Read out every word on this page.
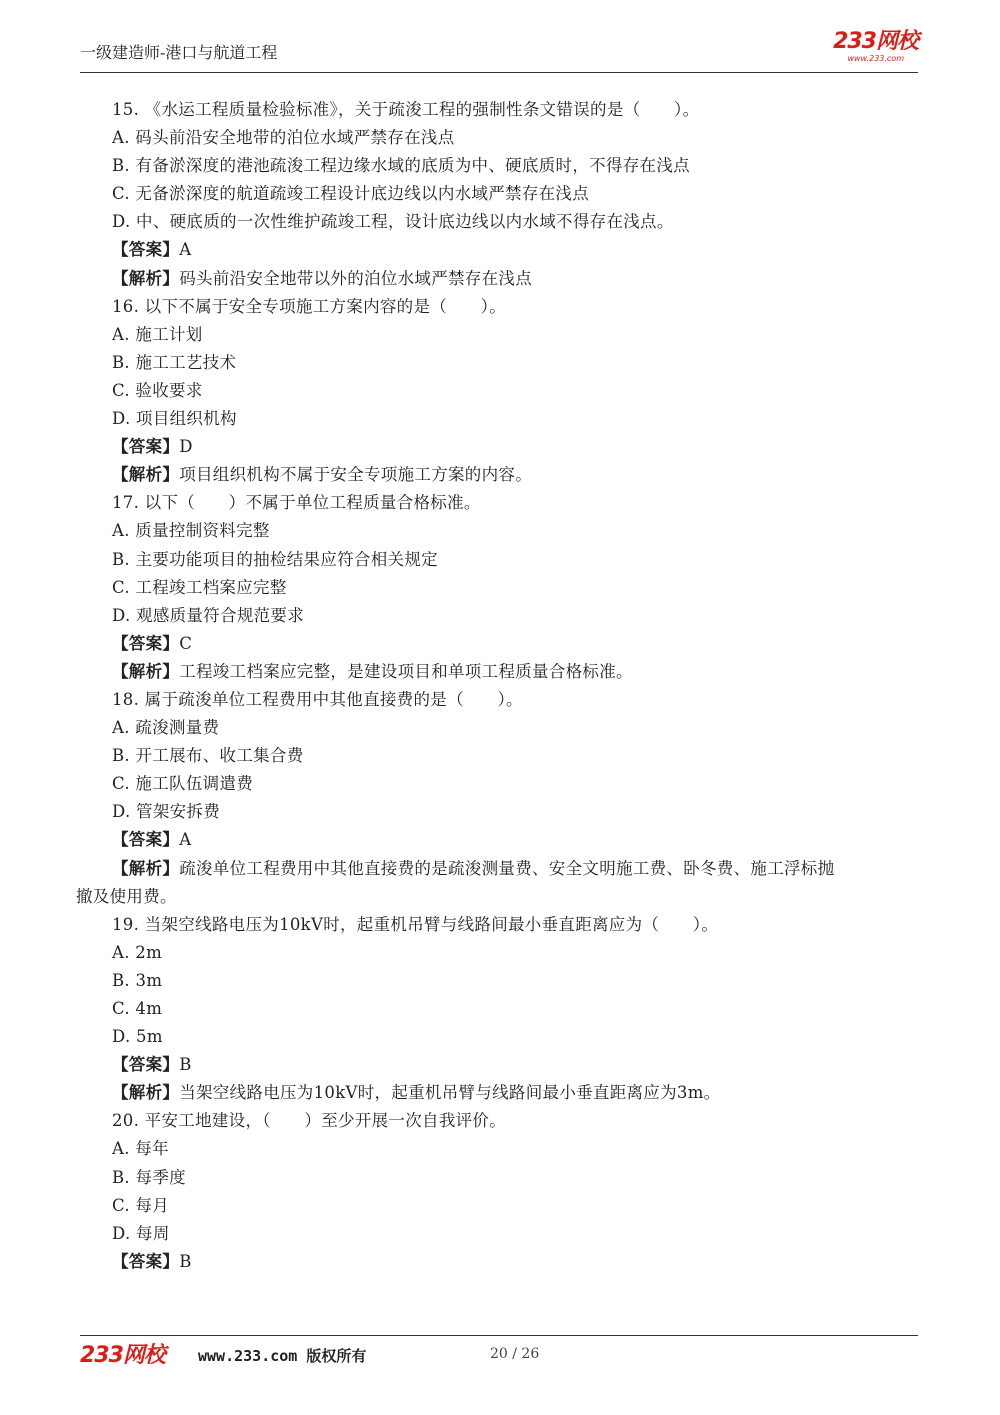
一级建造师-港口与航道工程	233网校
www.233.com
15. 《水运工程质量检验标准》，关于疏浚工程的强制性条文错误的是（　　）。
A. 码头前沿安全地带的泊位水域严禁存在浅点
B. 有备淤深度的港池疏浚工程边缘水域的底质为中、硬底质时，不得存在浅点
C. 无备淤深度的航道疏竣工程设计底边线以内水域严禁存在浅点
D. 中、硬底质的一次性维护疏竣工程，设计底边线以内水域不得存在浅点。
【答案】A
【解析】码头前沿安全地带以外的泊位水域严禁存在浅点
16. 以下不属于安全专项施工方案内容的是（　　）。
A. 施工计划
B. 施工工艺技术
C. 验收要求
D. 项目组织机构
【答案】D
【解析】项目组织机构不属于安全专项施工方案的内容。
17. 以下（　　）不属于单位工程质量合格标准。
A. 质量控制资料完整
B. 主要功能项目的抽检结果应符合相关规定
C. 工程竣工档案应完整
D. 观感质量符合规范要求
【答案】C
【解析】工程竣工档案应完整，是建设项目和单项工程质量合格标准。
18. 属于疏浚单位工程费用中其他直接费的是（　　）。
A. 疏浚测量费
B. 开工展布、收工集合费
C. 施工队伍调遣费
D. 管架安拆费
【答案】A
【解析】疏浚单位工程费用中其他直接费的是疏浚测量费、安全文明施工费、卧冬费、施工浮标抛
撤及使用费。
19. 当架空线路电压为10kV时，起重机吊臂与线路间最小垂直距离应为（　　）。
A. 2m
B. 3m
C. 4m
D. 5m
【答案】B
【解析】当架空线路电压为10kV时，起重机吊臂与线路间最小垂直距离应为3m。
20. 平安工地建设，（　　）至少开展一次自我评价。
A. 每年
B. 每季度
C. 每月
D. 每周
【答案】B
233网校 www.233.com 版权所有	20 / 26
